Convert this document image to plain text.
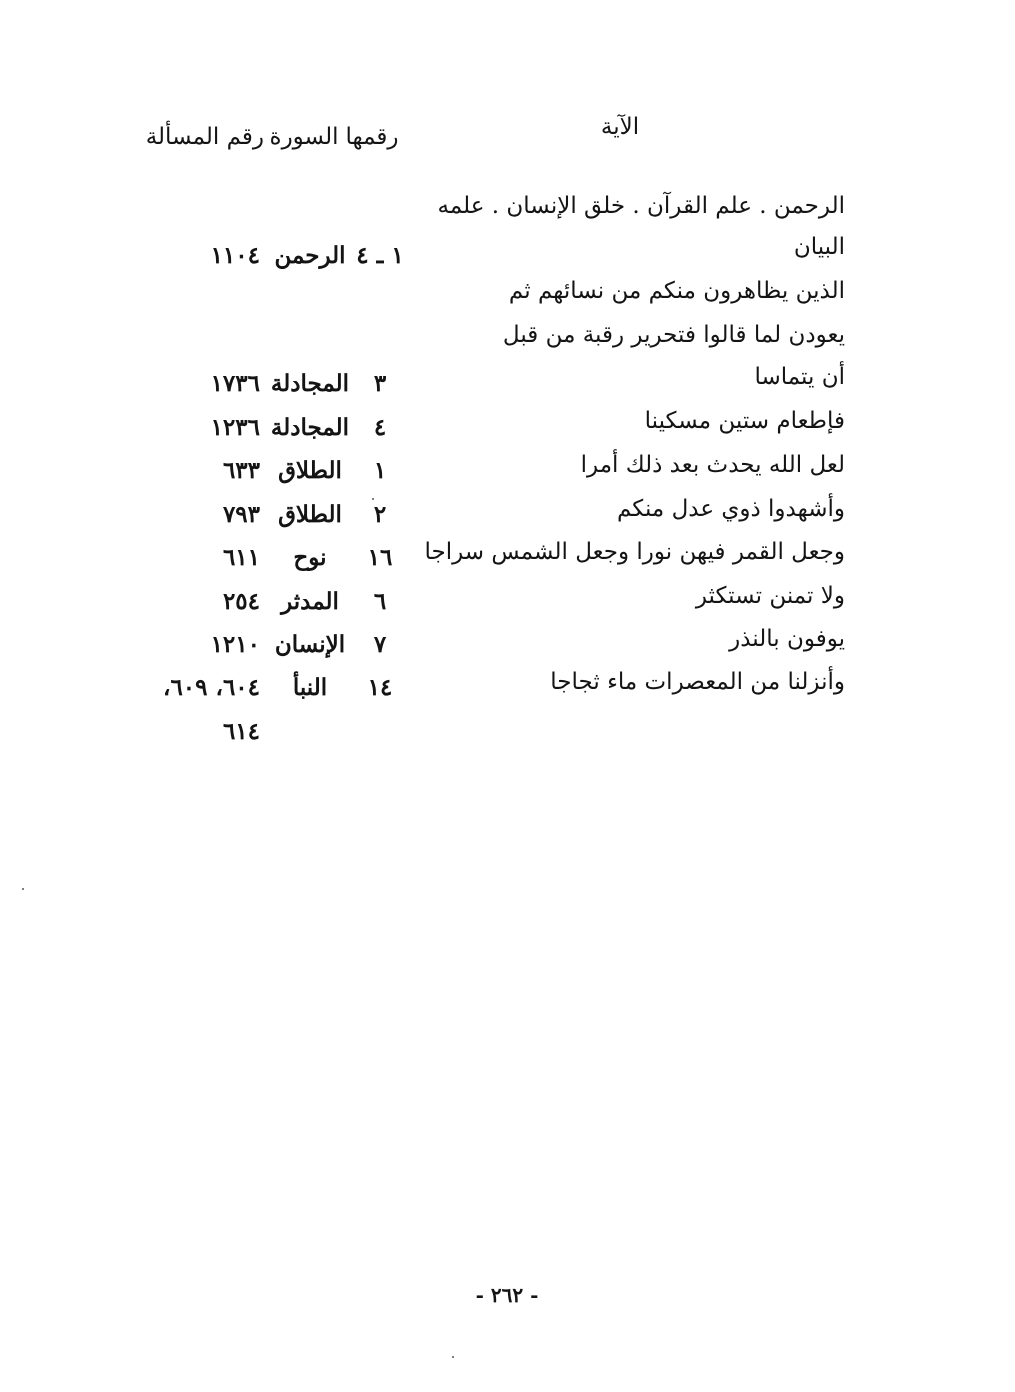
الآية
رقمها
السورة
رقم المسألة
الرحمن . علم القرآن . خلق الإنسان . علمه
البيان
الذين يظاهرون منكم من نسائهم ثم
يعودن لما قالوا فتحرير رقبة من قبل
أن يتماسا
فإطعام ستين مسكينا
لعل الله يحدث بعد ذلك أمرا
وأشهدوا ذوي عدل منكم
وجعل القمر فيهن نورا وجعل الشمس سراجا
ولا تمنن تستكثر
يوفون بالنذر
وأنزلنا من المعصرات ماء ثجاجا
١ ـ ٤
الرحمن
١١٠٤
٣
المجادلة
١٧٣٦
٤
المجادلة
١٢٣٦
١
الطلاق
٦٣٣
٢
الطلاق
٧٩٣
١٦
نوح
٦١١
٦
المدثر
٢٥٤
٧
الإنسان
١٢١٠
١٤
النبأ
٦٠٤، ٦٠٩،
٦١٤
- ٢٦٢ -
